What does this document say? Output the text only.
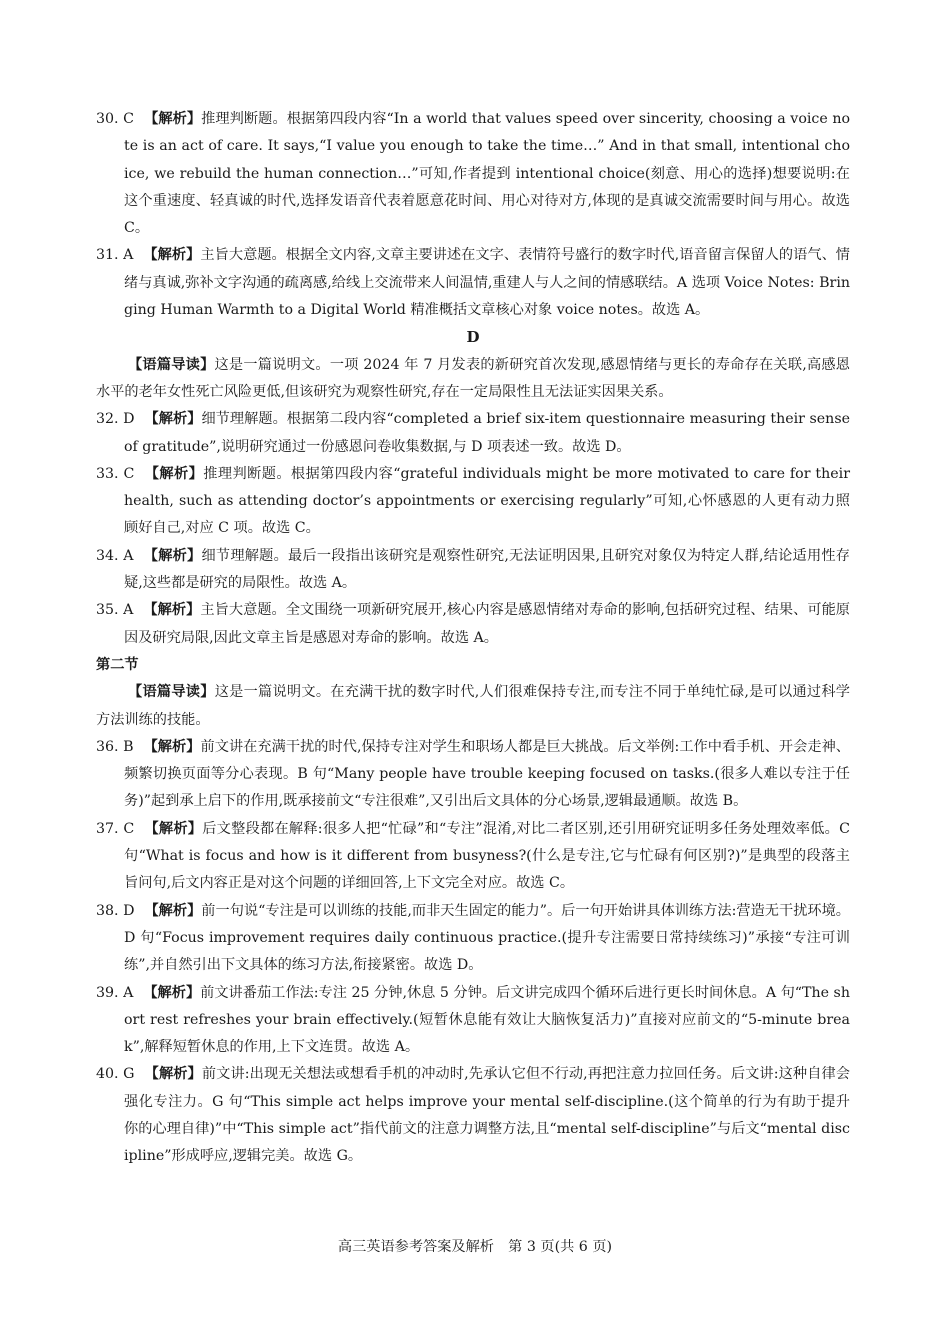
30. C 【解析】推理判断题。根据第四段内容“In a world that values speed over sincerity, choosing a voice note is an act of care. It says,“I value you enough to take the time…” And in that small, intentional choice, we rebuild the human connection…”可知,作者提到 intentional choice(刻意、用心的选择)想要说明:在这个重速度、轻真诚的时代,选择发语音代表着愿意花时间、用心对待对方,体现的是真诚交流需要时间与用心。故选 C。
31. A 【解析】主旨大意题。根据全文内容,文章主要讲述在文字、表情符号盛行的数字时代,语音留言保留人的语气、情绪与真诚,弥补文字沟通的疏离感,给线上交流带来人间温情,重建人与人之间的情感联结。A 选项 Voice Notes: Bringing Human Warmth to a Digital World 精准概括文章核心对象 voice notes。故选 A。
D
【语篇导读】这是一篇说明文。一项 2024 年 7 月发表的新研究首次发现,感恩情绪与更长的寿命存在关联,高感恩水平的老年女性死亡风险更低,但该研究为观察性研究,存在一定局限性且无法证实因果关系。
32. D 【解析】细节理解题。根据第二段内容“completed a brief six-item questionnaire measuring their sense of gratitude”,说明研究通过一份感恩问卷收集数据,与 D 项表述一致。故选 D。
33. C 【解析】推理判断题。根据第四段内容“grateful individuals might be more motivated to care for their health, such as attending doctor’s appointments or exercising regularly”可知,心怀感恩的人更有动力照顾好自己,对应 C 项。故选 C。
34. A 【解析】细节理解题。最后一段指出该研究是观察性研究,无法证明因果,且研究对象仅为特定人群,结论适用性存疑,这些都是研究的局限性。故选 A。
35. A 【解析】主旨大意题。全文围绕一项新研究展开,核心内容是感恩情绪对寿命的影响,包括研究过程、结果、可能原因及研究局限,因此文章主旨是感恩对寿命的影响。故选 A。
第二节
【语篇导读】这是一篇说明文。在充满干扰的数字时代,人们很难保持专注,而专注不同于单纯忙碌,是可以通过科学方法训练的技能。
36. B 【解析】前文讲在充满干扰的时代,保持专注对学生和职场人都是巨大挑战。后文举例:工作中看手机、开会走神、频繁切换页面等分心表现。B 句“Many people have trouble keeping focused on tasks.(很多人难以专注于任务)”起到承上启下的作用,既承接前文“专注很难”,又引出后文具体的分心场景,逻辑最通顺。故选 B。
37. C 【解析】后文整段都在解释:很多人把“忙碌”和“专注”混淆,对比二者区别,还引用研究证明多任务处理效率低。C 句“What is focus and how is it different from busyness?(什么是专注,它与忙碌有何区别?)”是典型的段落主旨问句,后文内容正是对这个问题的详细回答,上下文完全对应。故选 C。
38. D 【解析】前一句说“专注是可以训练的技能,而非天生固定的能力”。后一句开始讲具体训练方法:营造无干扰环境。D 句“Focus improvement requires daily continuous practice.(提升专注需要日常持续练习)”承接“专注可训练”,并自然引出下文具体的练习方法,衔接紧密。故选 D。
39. A 【解析】前文讲番茄工作法:专注 25 分钟,休息 5 分钟。后文讲完成四个循环后进行更长时间休息。A 句“The short rest refreshes your brain effectively.(短暂休息能有效让大脑恢复活力)”直接对应前文的“5-minute break”,解释短暂休息的作用,上下文连贯。故选 A。
40. G 【解析】前文讲:出现无关想法或想看手机的冲动时,先承认它但不行动,再把注意力拉回任务。后文讲:这种自律会强化专注力。G 句“This simple act helps improve your mental self-discipline.(这个简单的行为有助于提升你的心理自律)”中“This simple act”指代前文的注意力调整方法,且“mental self-discipline”与后文“mental discipline”形成呼应,逻辑完美。故选 G。
高三英语参考答案及解析　第 3 页(共 6 页)
